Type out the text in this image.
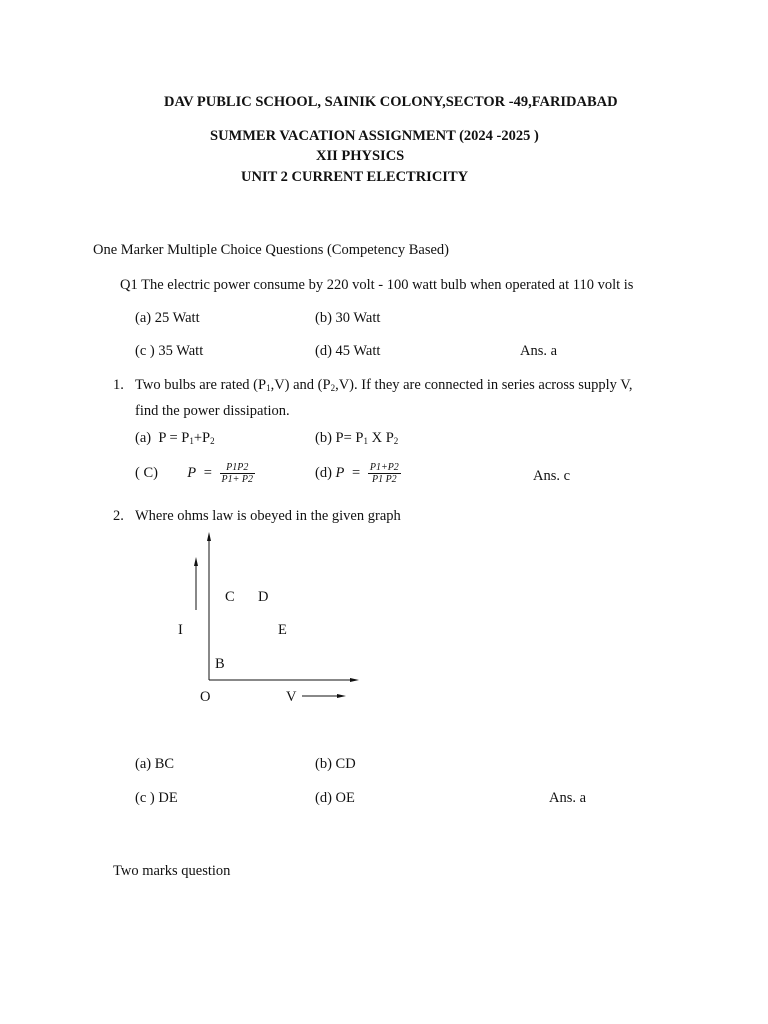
DAV PUBLIC SCHOOL, SAINIK COLONY,SECTOR -49,FARIDABAD
SUMMER VACATION ASSIGNMENT (2024 -2025 )
XII PHYSICS
UNIT 2 CURRENT ELECTRICITY
One Marker Multiple Choice Questions (Competency Based)
Q1 The electric power consume by 220 volt - 100 watt bulb when operated at 110 volt is
(a) 25 Watt	(b) 30 Watt
(c ) 35 Watt	(d) 45 Watt	Ans. a
1. Two bulbs are rated $(P_1,V)$ and $(P_2,V)$. If they are connected in series across supply V,
find the power dissipation.
(a) $P = P_1+P_2$	(b) $P= P_1$ X $P_2$
( C) $P = \frac{P1P2}{P1+ P2}$	(d) $P = \frac{P1+P2}{P1 P2}$	Ans. c
2. Where ohms law is obeyed in the given graph
C D
I	E
B
O	V
(a) BC	(b) CD
(c ) DE	(d) OE	Ans. a
Two marks question
